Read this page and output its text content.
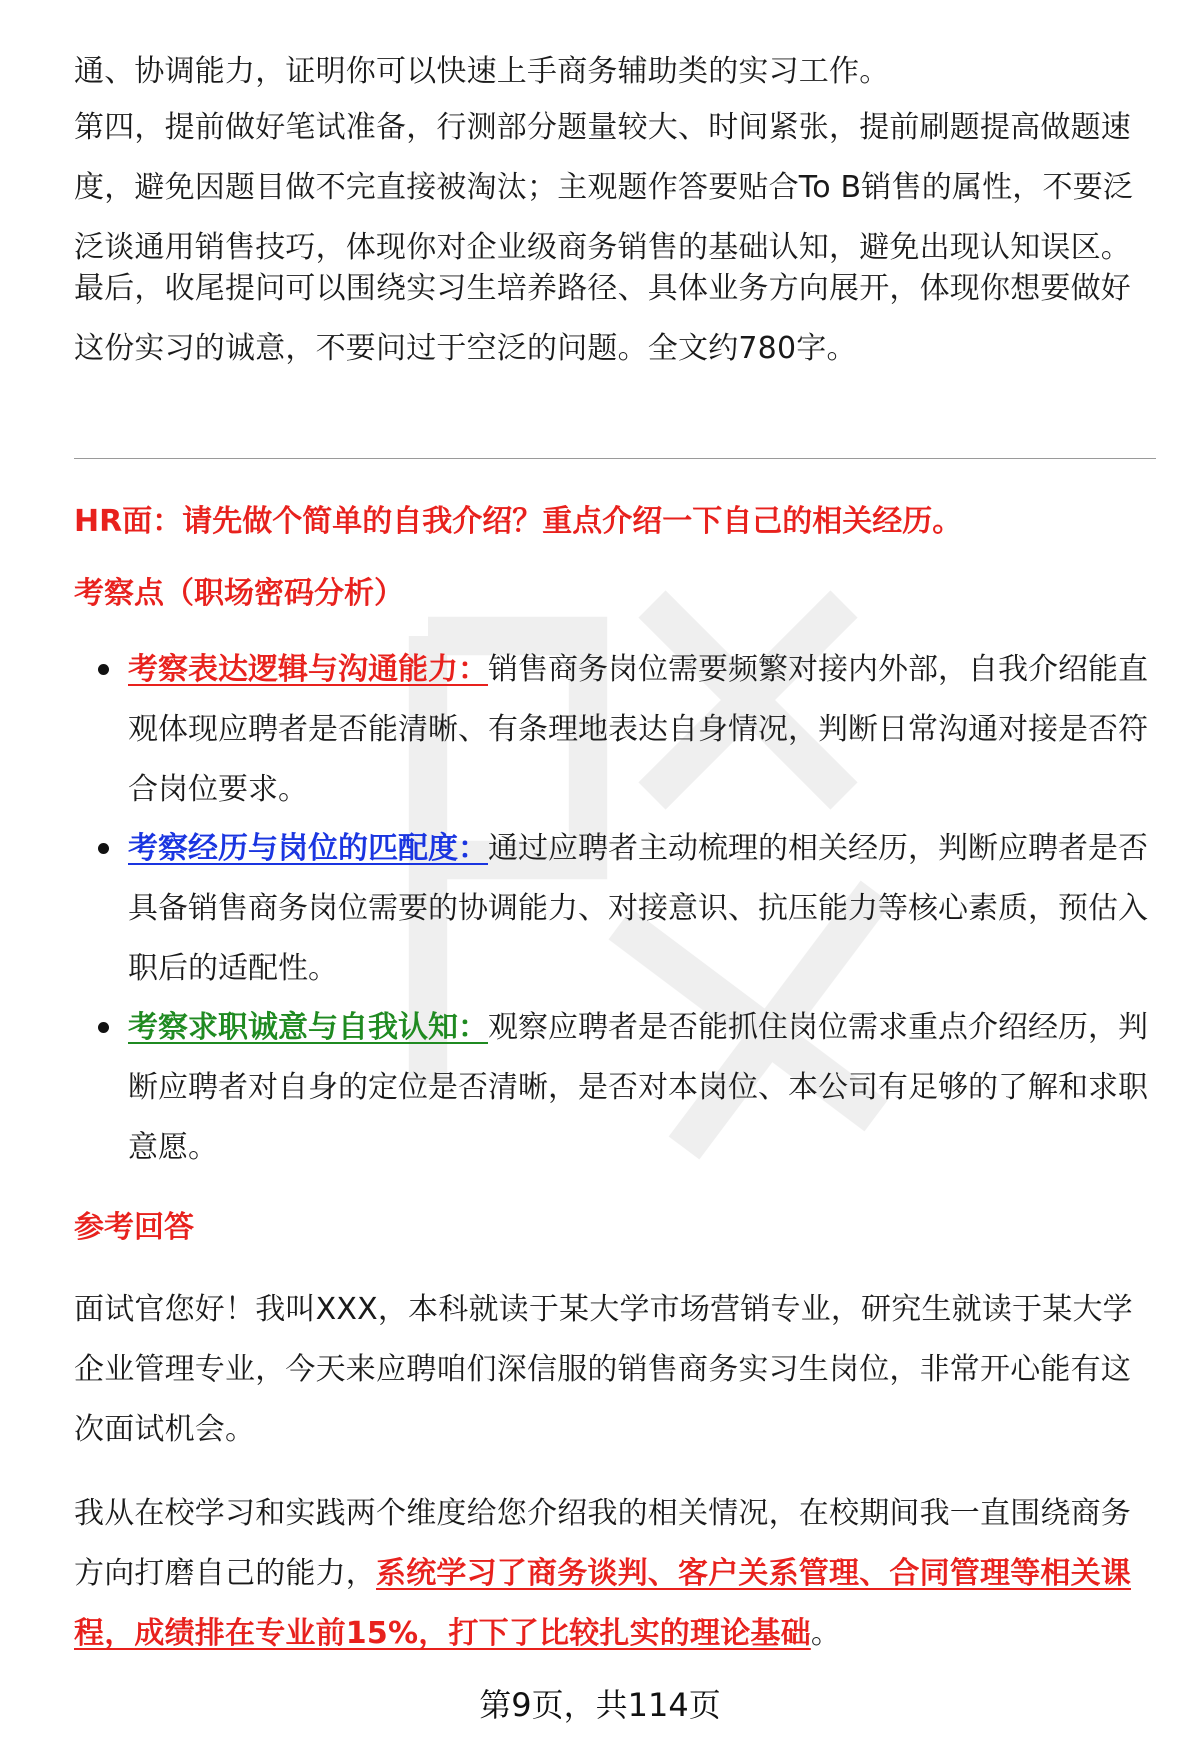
通、协调能力，证明你可以快速上手商务辅助类的实习工作。

第四，提前做好笔试准备，行测部分题量较大、时间紧张，提前刷题提高做题速度，避免因题目做不完直接被淘汰；主观题作答要贴合To B销售的属性，不要泛泛谈通用销售技巧，体现你对企业级商务销售的基础认知，避免出现认知误区。

最后，收尾提问可以围绕实习生培养路径、具体业务方向展开，体现你想要做好这份实习的诚意，不要问过于空泛的问题。全文约780字。

HR面：请先做个简单的自我介绍？重点介绍一下自己的相关经历。
考察点（职场密码分析）
考察表达逻辑与沟通能力：销售商务岗位需要频繁对接内外部，自我介绍能直观体现应聘者是否能清晰、有条理地表达自身情况，判断日常沟通对接是否符合岗位要求。
考察经历与岗位的匹配度：通过应聘者主动梳理的相关经历，判断应聘者是否具备销售商务岗位需要的协调能力、对接意识、抗压能力等核心素质，预估入职后的适配性。
考察求职诚意与自我认知：观察应聘者是否能抓住岗位需求重点介绍经历，判断应聘者对自身的定位是否清晰，是否对本岗位、本公司有足够的了解和求职意愿。
参考回答

面试官您好！我叫XXX，本科就读于某大学市场营销专业，研究生就读于某大学企业管理专业，今天来应聘咱们深信服的销售商务实习生岗位，非常开心能有这次面试机会。

我从在校学习和实践两个维度给您介绍我的相关情况，在校期间我一直围绕商务方向打磨自己的能力，系统学习了商务谈判、客户关系管理、合同管理等相关课程，成绩排在专业前15%，打下了比较扎实的理论基础。

第9页，共114页
